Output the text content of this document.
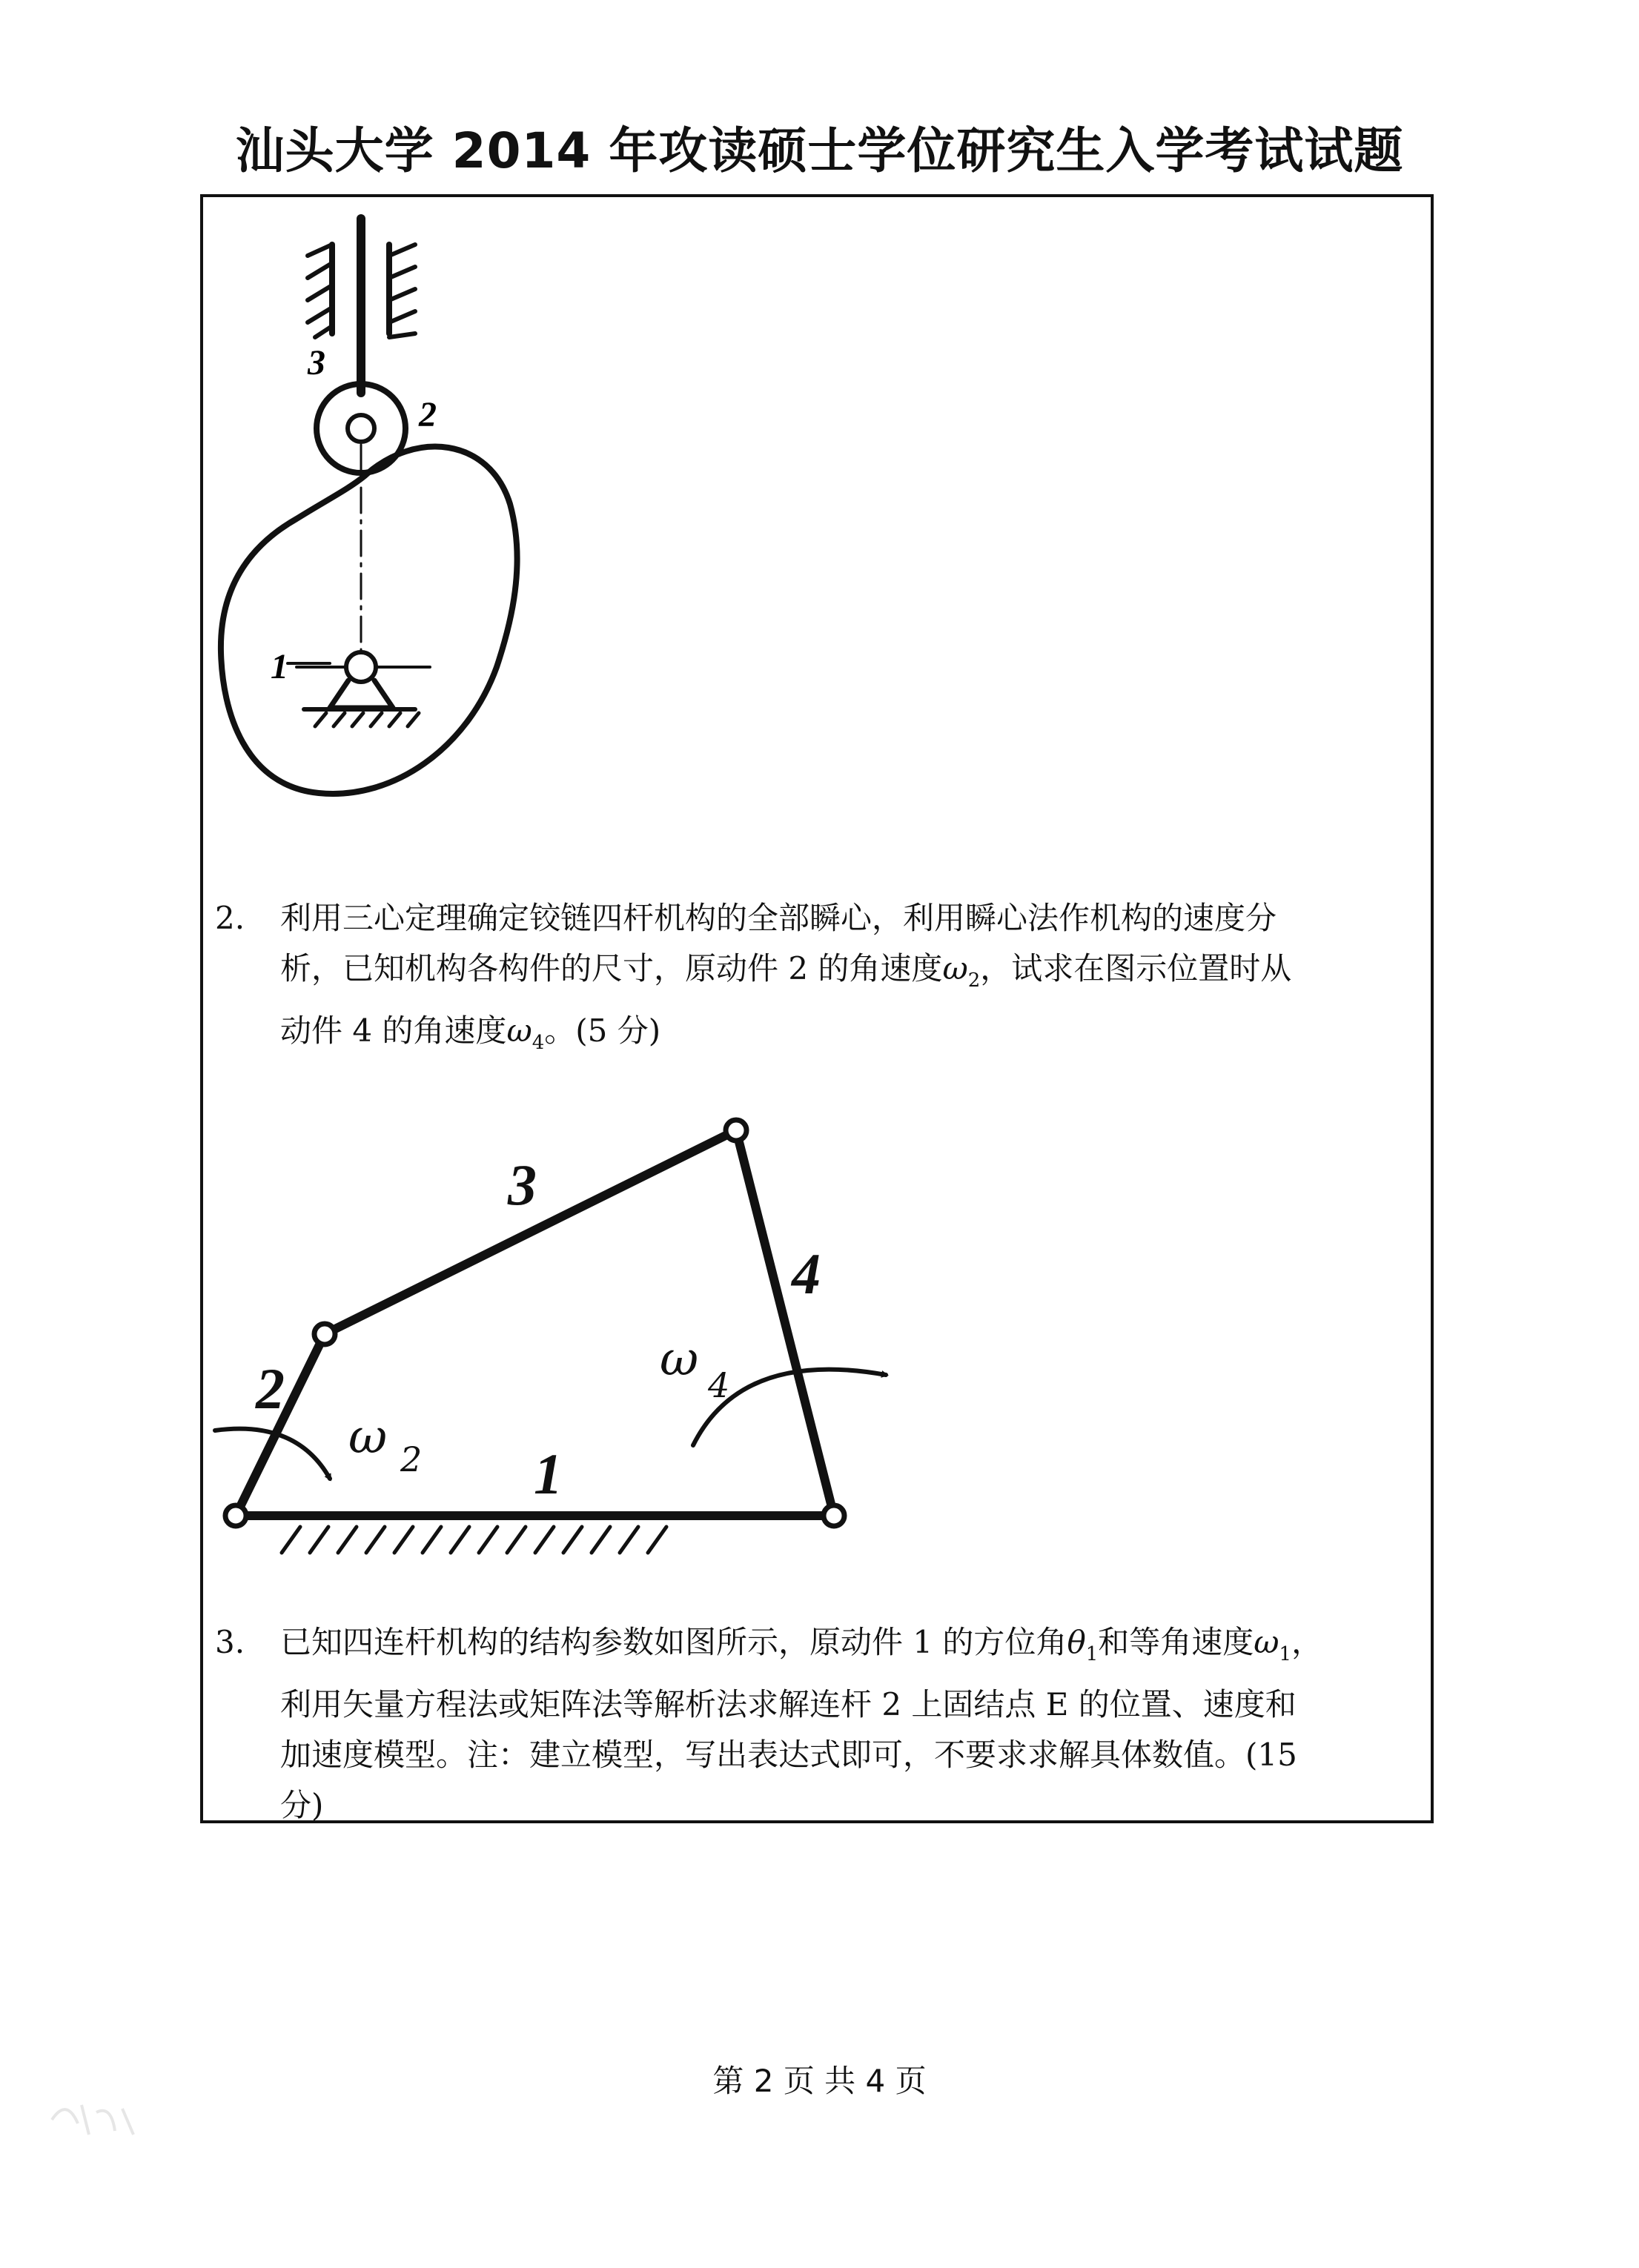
汕头大学 2014 年攻读硕士学位研究生入学考试试题
3
2
1
2. 利用三心定理确定铰链四杆机构的全部瞬心，利用瞬心法作机构的速度分
析，已知机构各构件的尺寸，原动件 2 的角速度$\omega_2$，试求在图示位置时从
动件 4 的角速度$\omega_4$。(5 分)
1
2
3
4
ω
ω
2
4
3. 已知四连杆机构的结构参数如图所示，原动件 1 的方位角$\theta_1$和等角速度$\omega_1$，
利用矢量方程法或矩阵法等解析法求解连杆 2 上固结点 E 的位置、速度和
加速度模型。注：建立模型，写出表达式即可，不要求求解具体数值。(15
分)
第 2 页 共 4 页
